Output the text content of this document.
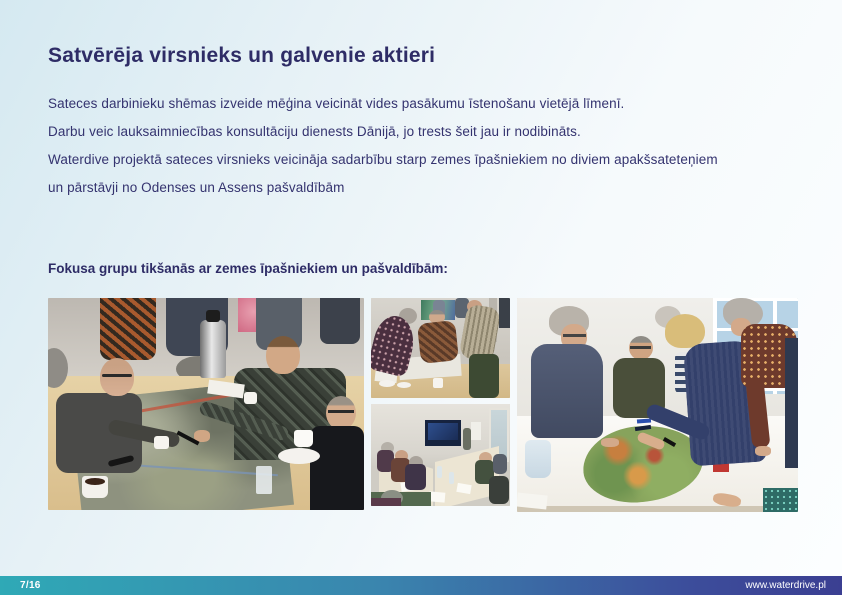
Satvērēja virsnieks un galvenie aktieri
Sateces darbinieku shēmas izveide mēģina veicināt vides pasākumu īstenošanu vietējā līmenī.
Darbu veic lauksaimniecības konsultāciju dienests Dānijā, jo trests šeit jau ir nodibināts.
Waterdive projektā sateces virsnieks veicināja sadarbību starp zemes īpašniekiem no diviem apakšsateteņiem
un pārstāvji no Odenses un Assens pašvaldībām
Fokusa grupu tikšanās ar zemes īpašniekiem un pašvaldībām:
7/16	www.waterdrive.pl
